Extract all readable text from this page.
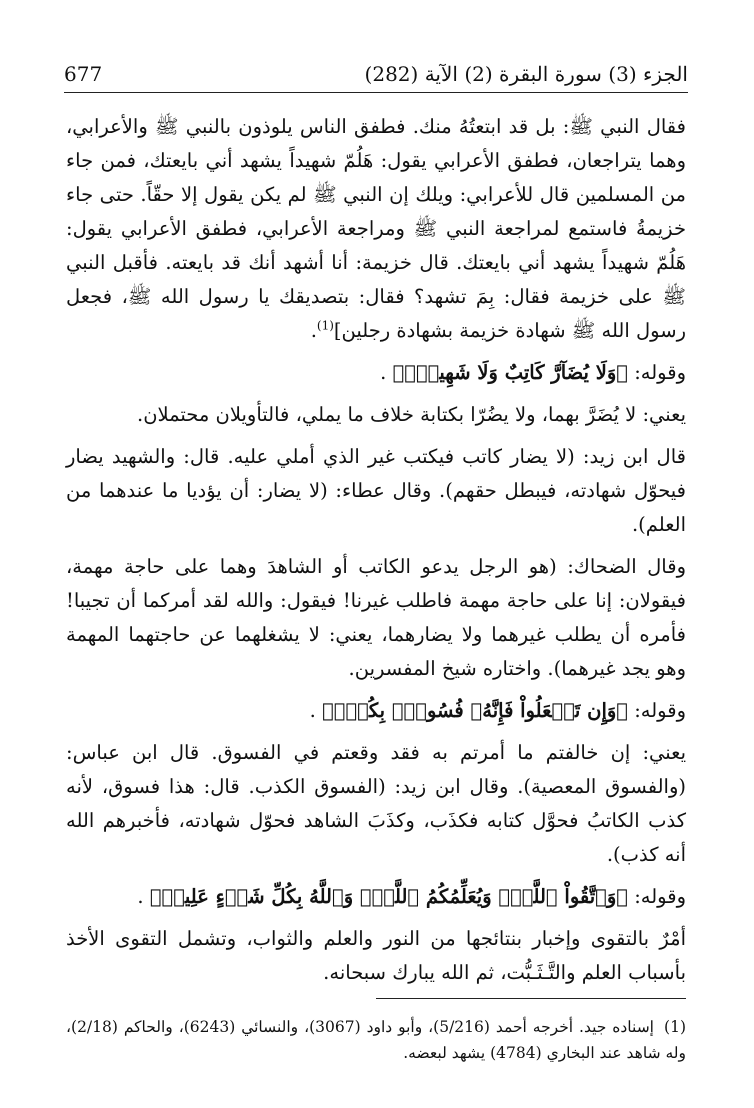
الجزء (3) سورة البقرة (2) الآية (282)
677

فقال النبي ﷺ: بل قد ابتعتُهُ منك. فطفق الناس يلوذون بالنبي ﷺ والأعرابي، وهما يتراجعان، فطفق الأعرابي يقول: هَلُمّ شهيداً يشهد أني بايعتك، فمن جاء من المسلمين قال للأعرابي: ويلك إن النبي ﷺ لم يكن يقول إلا حقّاً. حتى جاء خزيمةُ فاستمع لمراجعة النبي ﷺ ومراجعة الأعرابي، فطفق الأعرابي يقول: هَلُمّ شهيداً يشهد أني بايعتك. قال خزيمة: أنا أشهد أنك قد بايعته. فأقبل النبي ﷺ على خزيمة فقال: بِمَ تشهد؟ فقال: بتصديقك يا رسول الله ﷺ، فجعل رسول الله ﷺ شهادة خزيمة بشهادة رجلين]$^{(1)}$.

وقوله: ﴿وَلَا يُضَآرَّ كَاتِبٌ وَلَا شَهِيدٌۚ﴾ .

يعني: لا يُضَرَّ بهما، ولا يضُرّا بكتابة خلاف ما يملي، فالتأويلان محتملان.

قال ابن زيد: (لا يضار كاتب فيكتب غير الذي أملي عليه. قال: والشهيد يضار فيحوّل شهادته، فيبطل حقهم). وقال عطاء: (لا يضار: أن يؤديا ما عندهما من العلم).

وقال الضحاك: (هو الرجل يدعو الكاتب أو الشاهدَ وهما على حاجة مهمة، فيقولان: إنا على حاجة مهمة فاطلب غيرنا! فيقول: والله لقد أمركما أن تجيبا! فأمره أن يطلب غيرهما ولا يضارهما، يعني: لا يشغلهما عن حاجتهما المهمة وهو يجد غيرهما). واختاره شيخ المفسرين.

وقوله: ﴿وَإِن تَفۡعَلُواْ فَإِنَّهُۥ فُسُوقُۢ بِكُمۡۗ﴾ .

يعني: إن خالفتم ما أمرتم به فقد وقعتم في الفسوق. قال ابن عباس: (والفسوق المعصية). وقال ابن زيد: (الفسوق الكذب. قال: هذا فسوق، لأنه كذب الكاتبُ فحوَّل كتابه فكذَب، وكذَبَ الشاهد فحوّل شهادته، فأخبرهم الله أنه كذب).

وقوله: ﴿وَٱتَّقُواْ ٱللَّهَۖ وَيُعَلِّمُكُمُ ٱللَّهُۗ وَٱللَّهُ بِكُلِّ شَيۡءٍ عَلِيمٞ﴾ .

أمْرٌ بالتقوى وإخبار بنتائجها من النور والعلم والثواب، وتشمل التقوى الأخذ بأسباب العلم والتَّـثَـبُّت، ثم الله يبارك سبحانه.

(1)إسناده جيد. أخرجه أحمد (5/216)، وأبو داود (3067)، والنسائي (6243)، والحاكم (2/18)، وله شاهد عند البخاري (4784) يشهد لبعضه.
